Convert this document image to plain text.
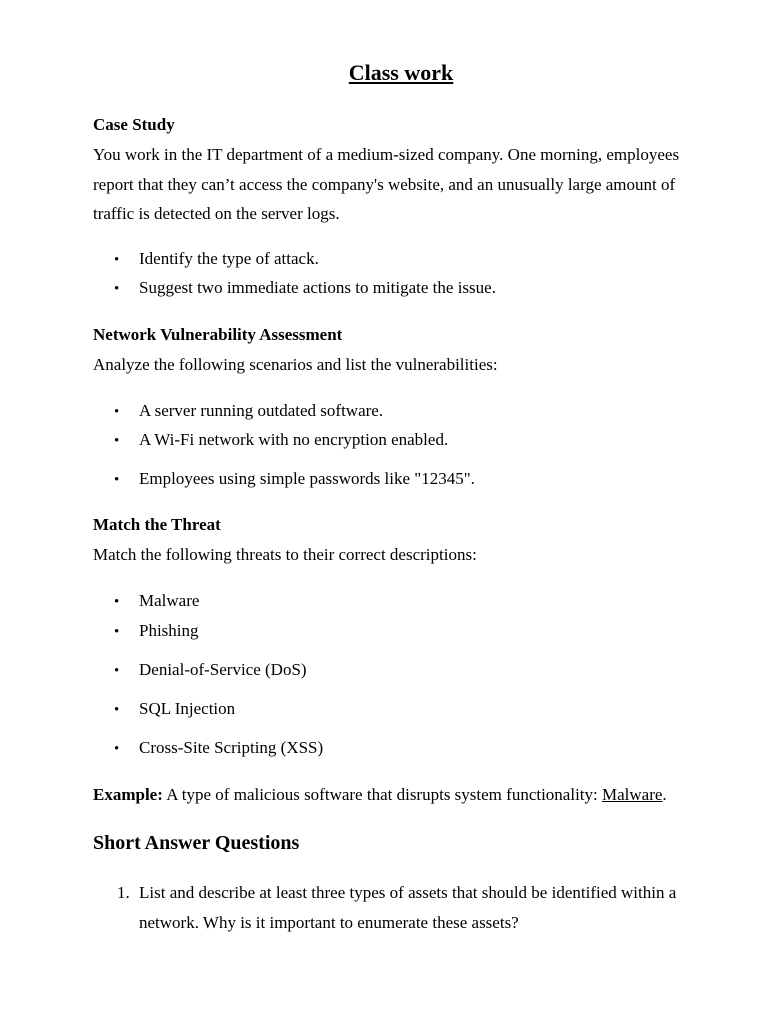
Class work
Case Study
You work in the IT department of a medium-sized company. One morning, employees report that they can’t access the company's website, and an unusually large amount of traffic is detected on the server logs.
• Identify the type of attack.
• Suggest two immediate actions to mitigate the issue.
Network Vulnerability Assessment
Analyze the following scenarios and list the vulnerabilities:
• A server running outdated software.
• A Wi-Fi network with no encryption enabled.
• Employees using simple passwords like "12345".
Match the Threat
Match the following threats to their correct descriptions:
• Malware
• Phishing
• Denial-of-Service (DoS)
• SQL Injection
• Cross-Site Scripting (XSS)
Example: A type of malicious software that disrupts system functionality: Malware.
Short Answer Questions
1. List and describe at least three types of assets that should be identified within a network. Why is it important to enumerate these assets?
